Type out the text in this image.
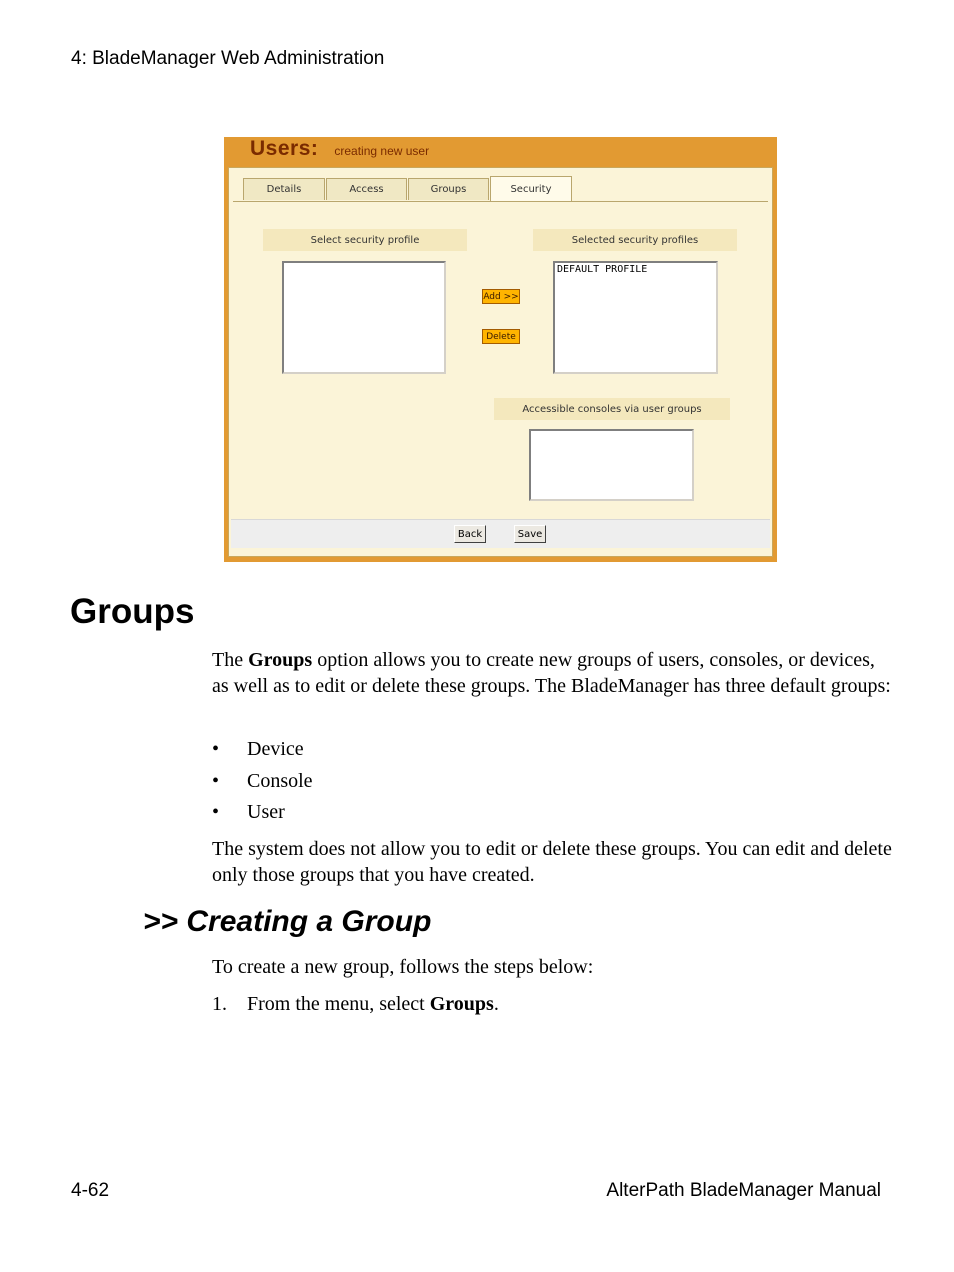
4: BladeManager Web Administration
Users: creating new user
Details	Access	Groups	Security
Select security profile
Add >>
Delete
Selected security profiles
DEFAULT PROFILE
Accessible consoles via user groups
Back	Save
Groups

The Groups option allows you to create new groups of users, consoles, or devices, as well as to edit or delete these groups. The BladeManager has three default groups:

•	Device
•	Console
•	User

The system does not allow you to edit or delete these groups. You can edit and delete only those groups that you have created.

>> Creating a Group

To create a new group, follows the steps below:

1.	From the menu, select Groups.
4-62	AlterPath BladeManager Manual
